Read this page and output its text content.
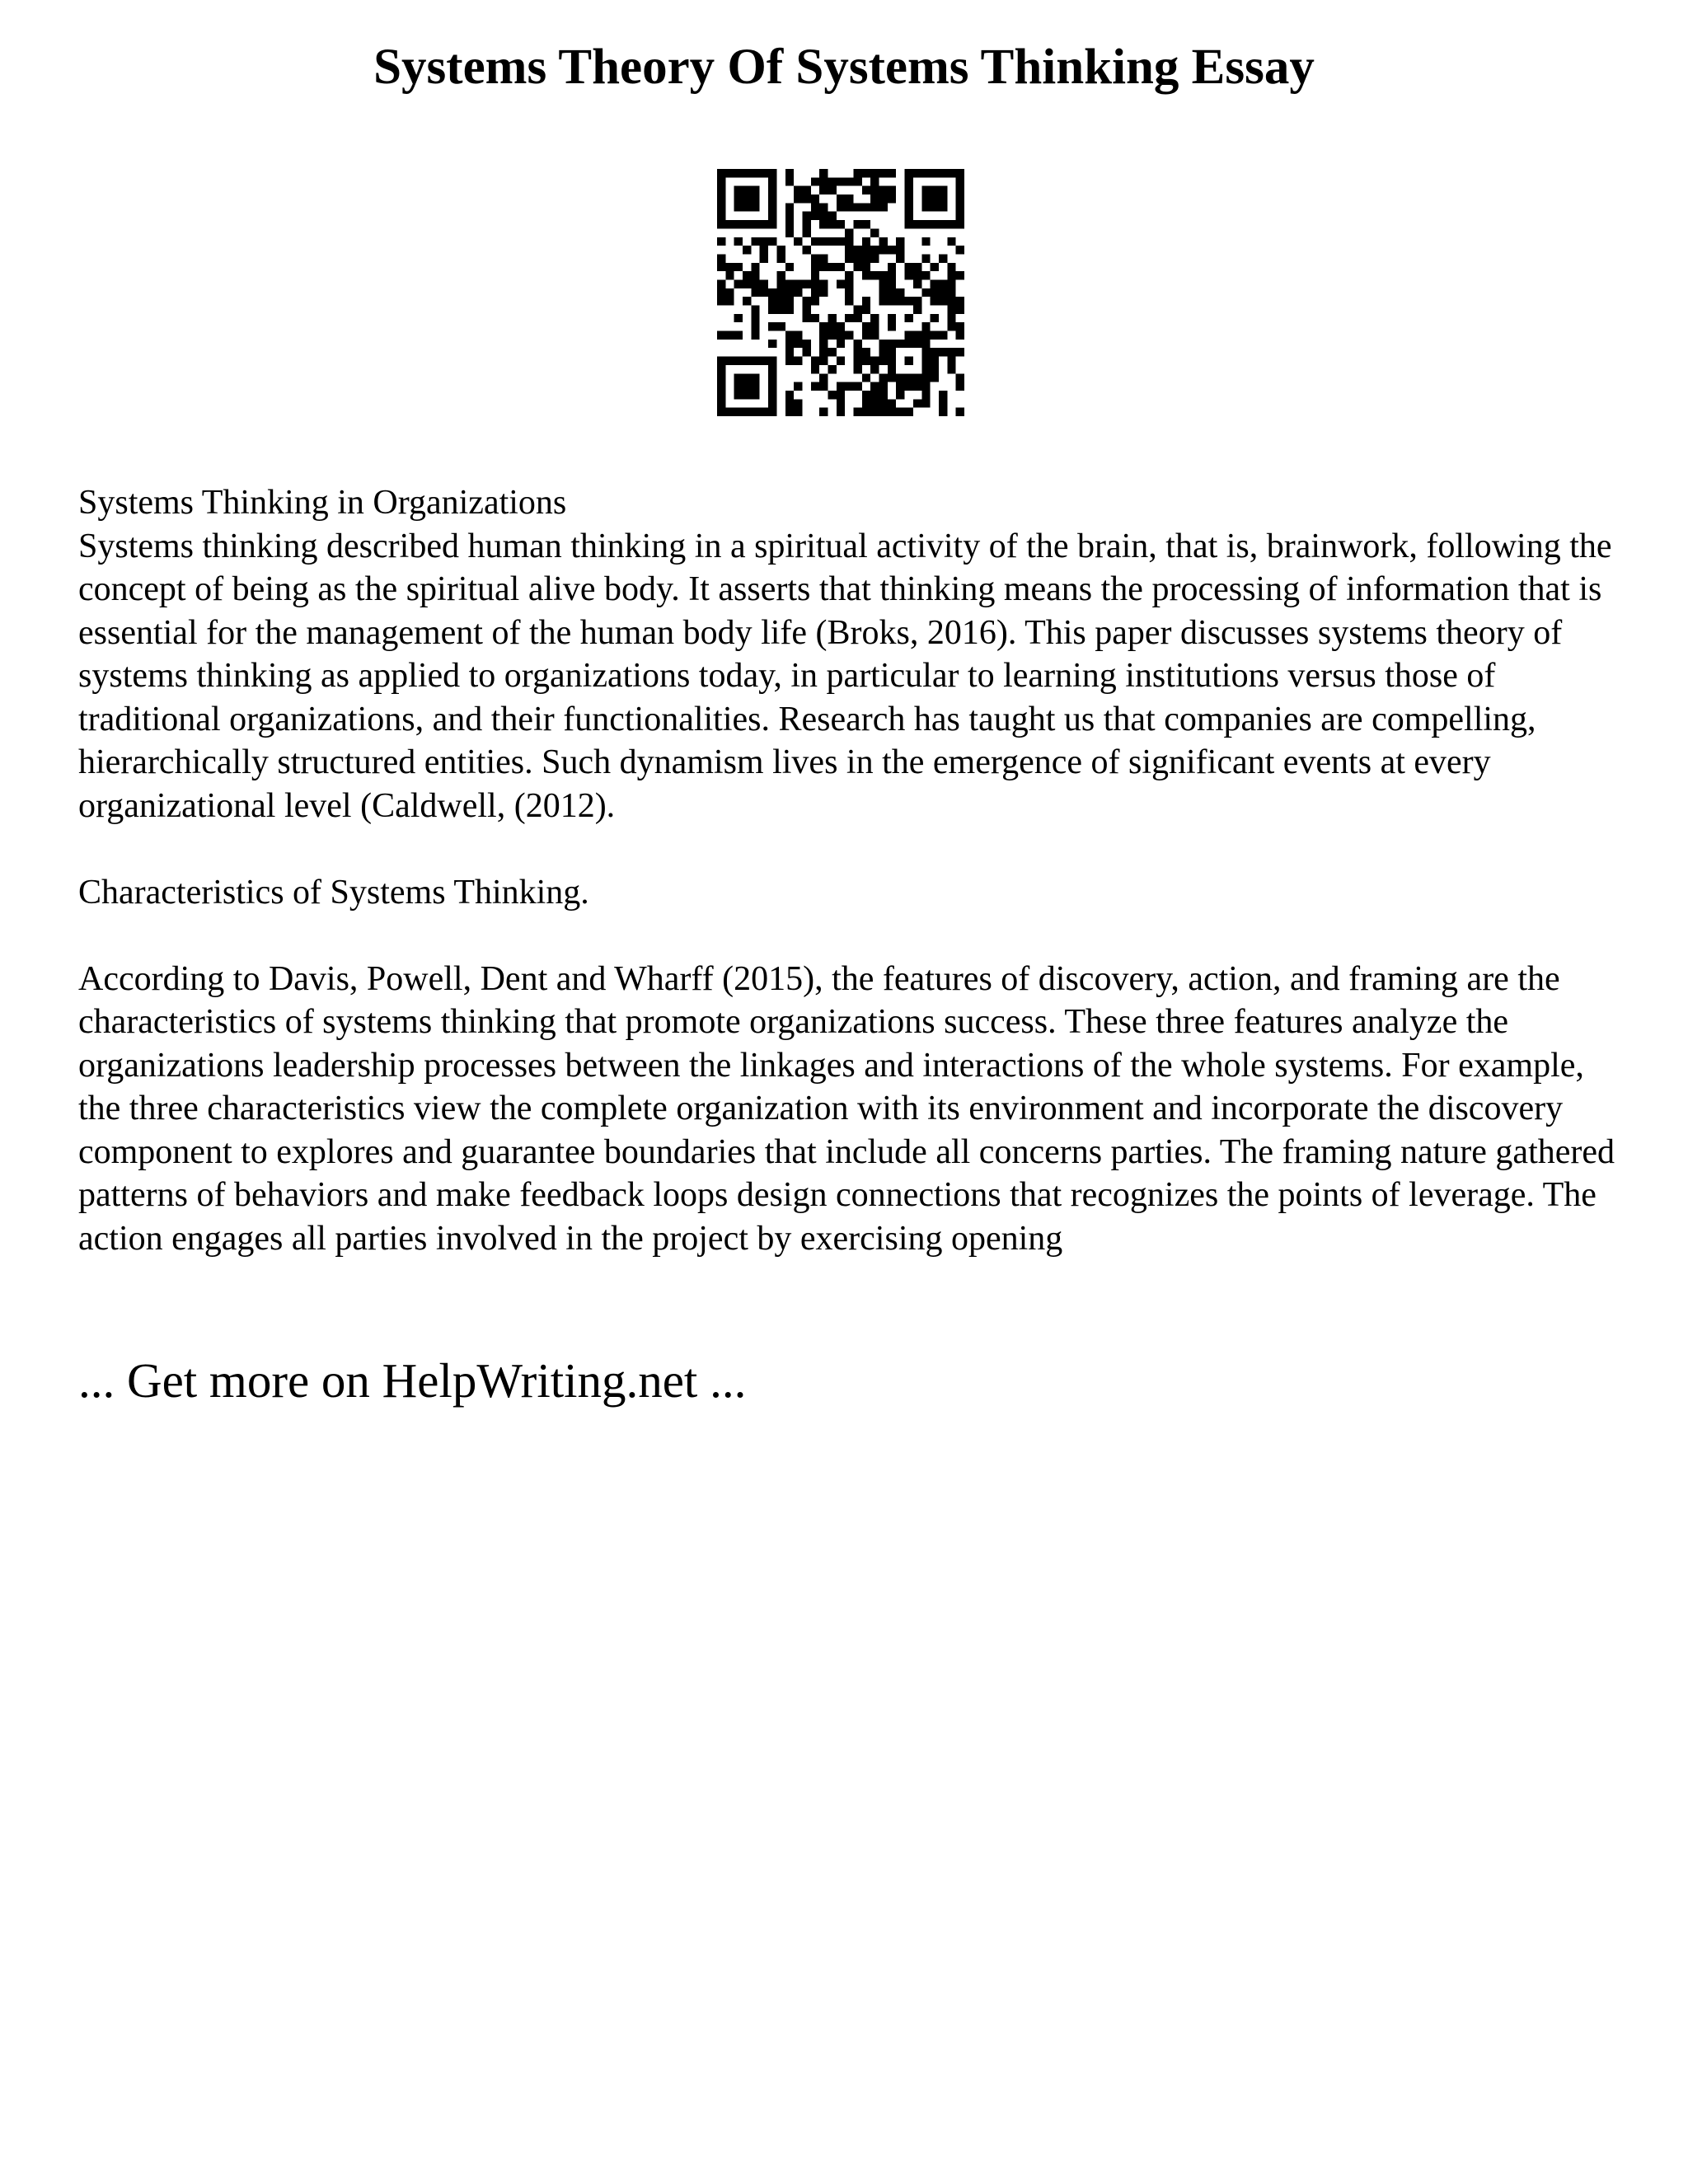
Systems Theory Of Systems Thinking Essay

Systems Thinking in Organizations

Systems thinking described human thinking in a spiritual activity of the brain, that is, brainwork, following the concept of being as the spiritual alive body. It asserts that thinking means the processing of information that is essential for the management of the human body life (Broks, 2016). This paper discusses systems theory of systems thinking as applied to organizations today, in particular to learning institutions versus those of traditional organizations, and their functionalities. Research has taught us that companies are compelling, hierarchically structured entities. Such dynamism lives in the emergence of significant events at every organizational level (Caldwell, (2012).

Characteristics of Systems Thinking.

According to Davis, Powell, Dent and Wharff (2015), the features of discovery, action, and framing are the characteristics of systems thinking that promote organizations success. These three features analyze the organizations leadership processes between the linkages and interactions of the whole systems. For example, the three characteristics view the complete organization with its environment and incorporate the discovery component to explores and guarantee boundaries that include all concerns parties. The framing nature gathered patterns of behaviors and make feedback loops design connections that recognizes the points of leverage. The action engages all parties involved in the project by exercising opening

... Get more on HelpWriting.net ...
